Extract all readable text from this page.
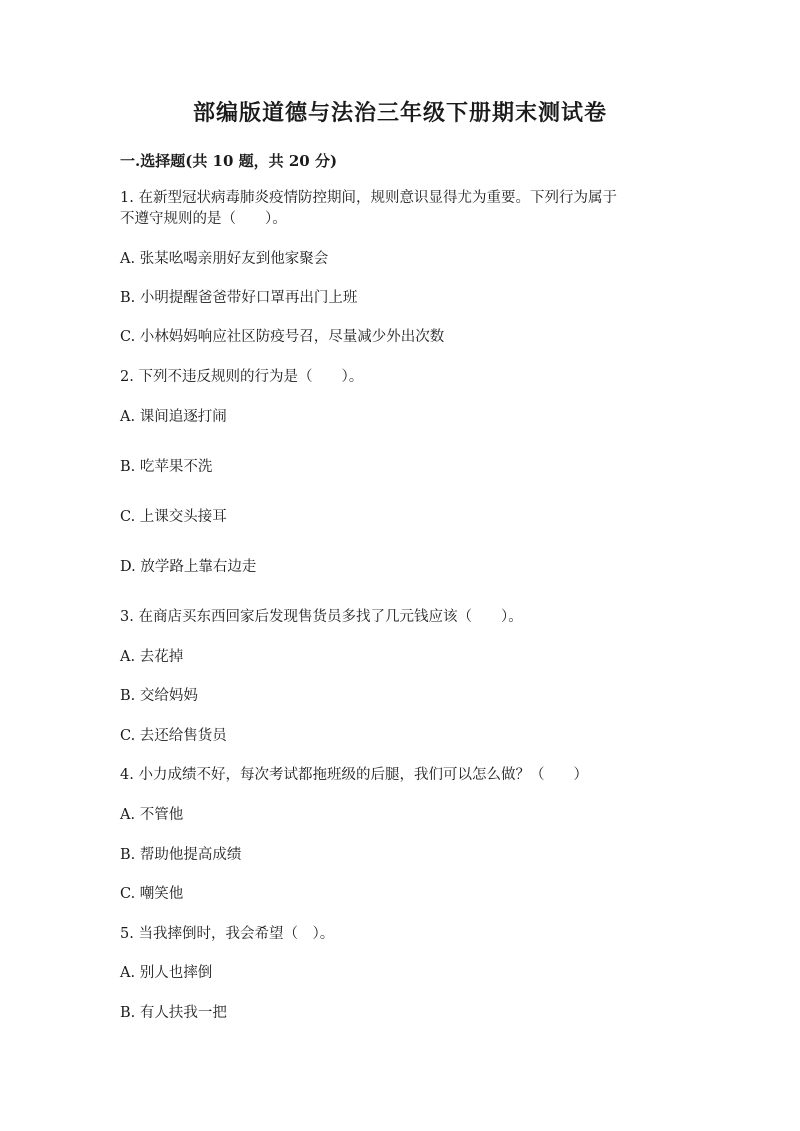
部编版道德与法治三年级下册期末测试卷
一.选择题(共 10 题，共 20 分)
1. 在新型冠状病毒肺炎疫情防控期间，规则意识显得尤为重要。下列行为属于
不遵守规则的是（　　）。
A. 张某吆喝亲朋好友到他家聚会
B. 小明提醒爸爸带好口罩再出门上班
C. 小林妈妈响应社区防疫号召，尽量减少外出次数
2. 下列不违反规则的行为是（　　）。
A. 课间追逐打闹
B. 吃苹果不洗
C. 上课交头接耳
D. 放学路上靠右边走
3. 在商店买东西回家后发现售货员多找了几元钱应该（　　）。
A. 去花掉
B. 交给妈妈
C. 去还给售货员
4. 小力成绩不好，每次考试都拖班级的后腿，我们可以怎么做？（　　）
A. 不管他
B. 帮助他提高成绩
C. 嘲笑他
5. 当我摔倒时，我会希望（　）。
A. 别人也摔倒
B. 有人扶我一把
